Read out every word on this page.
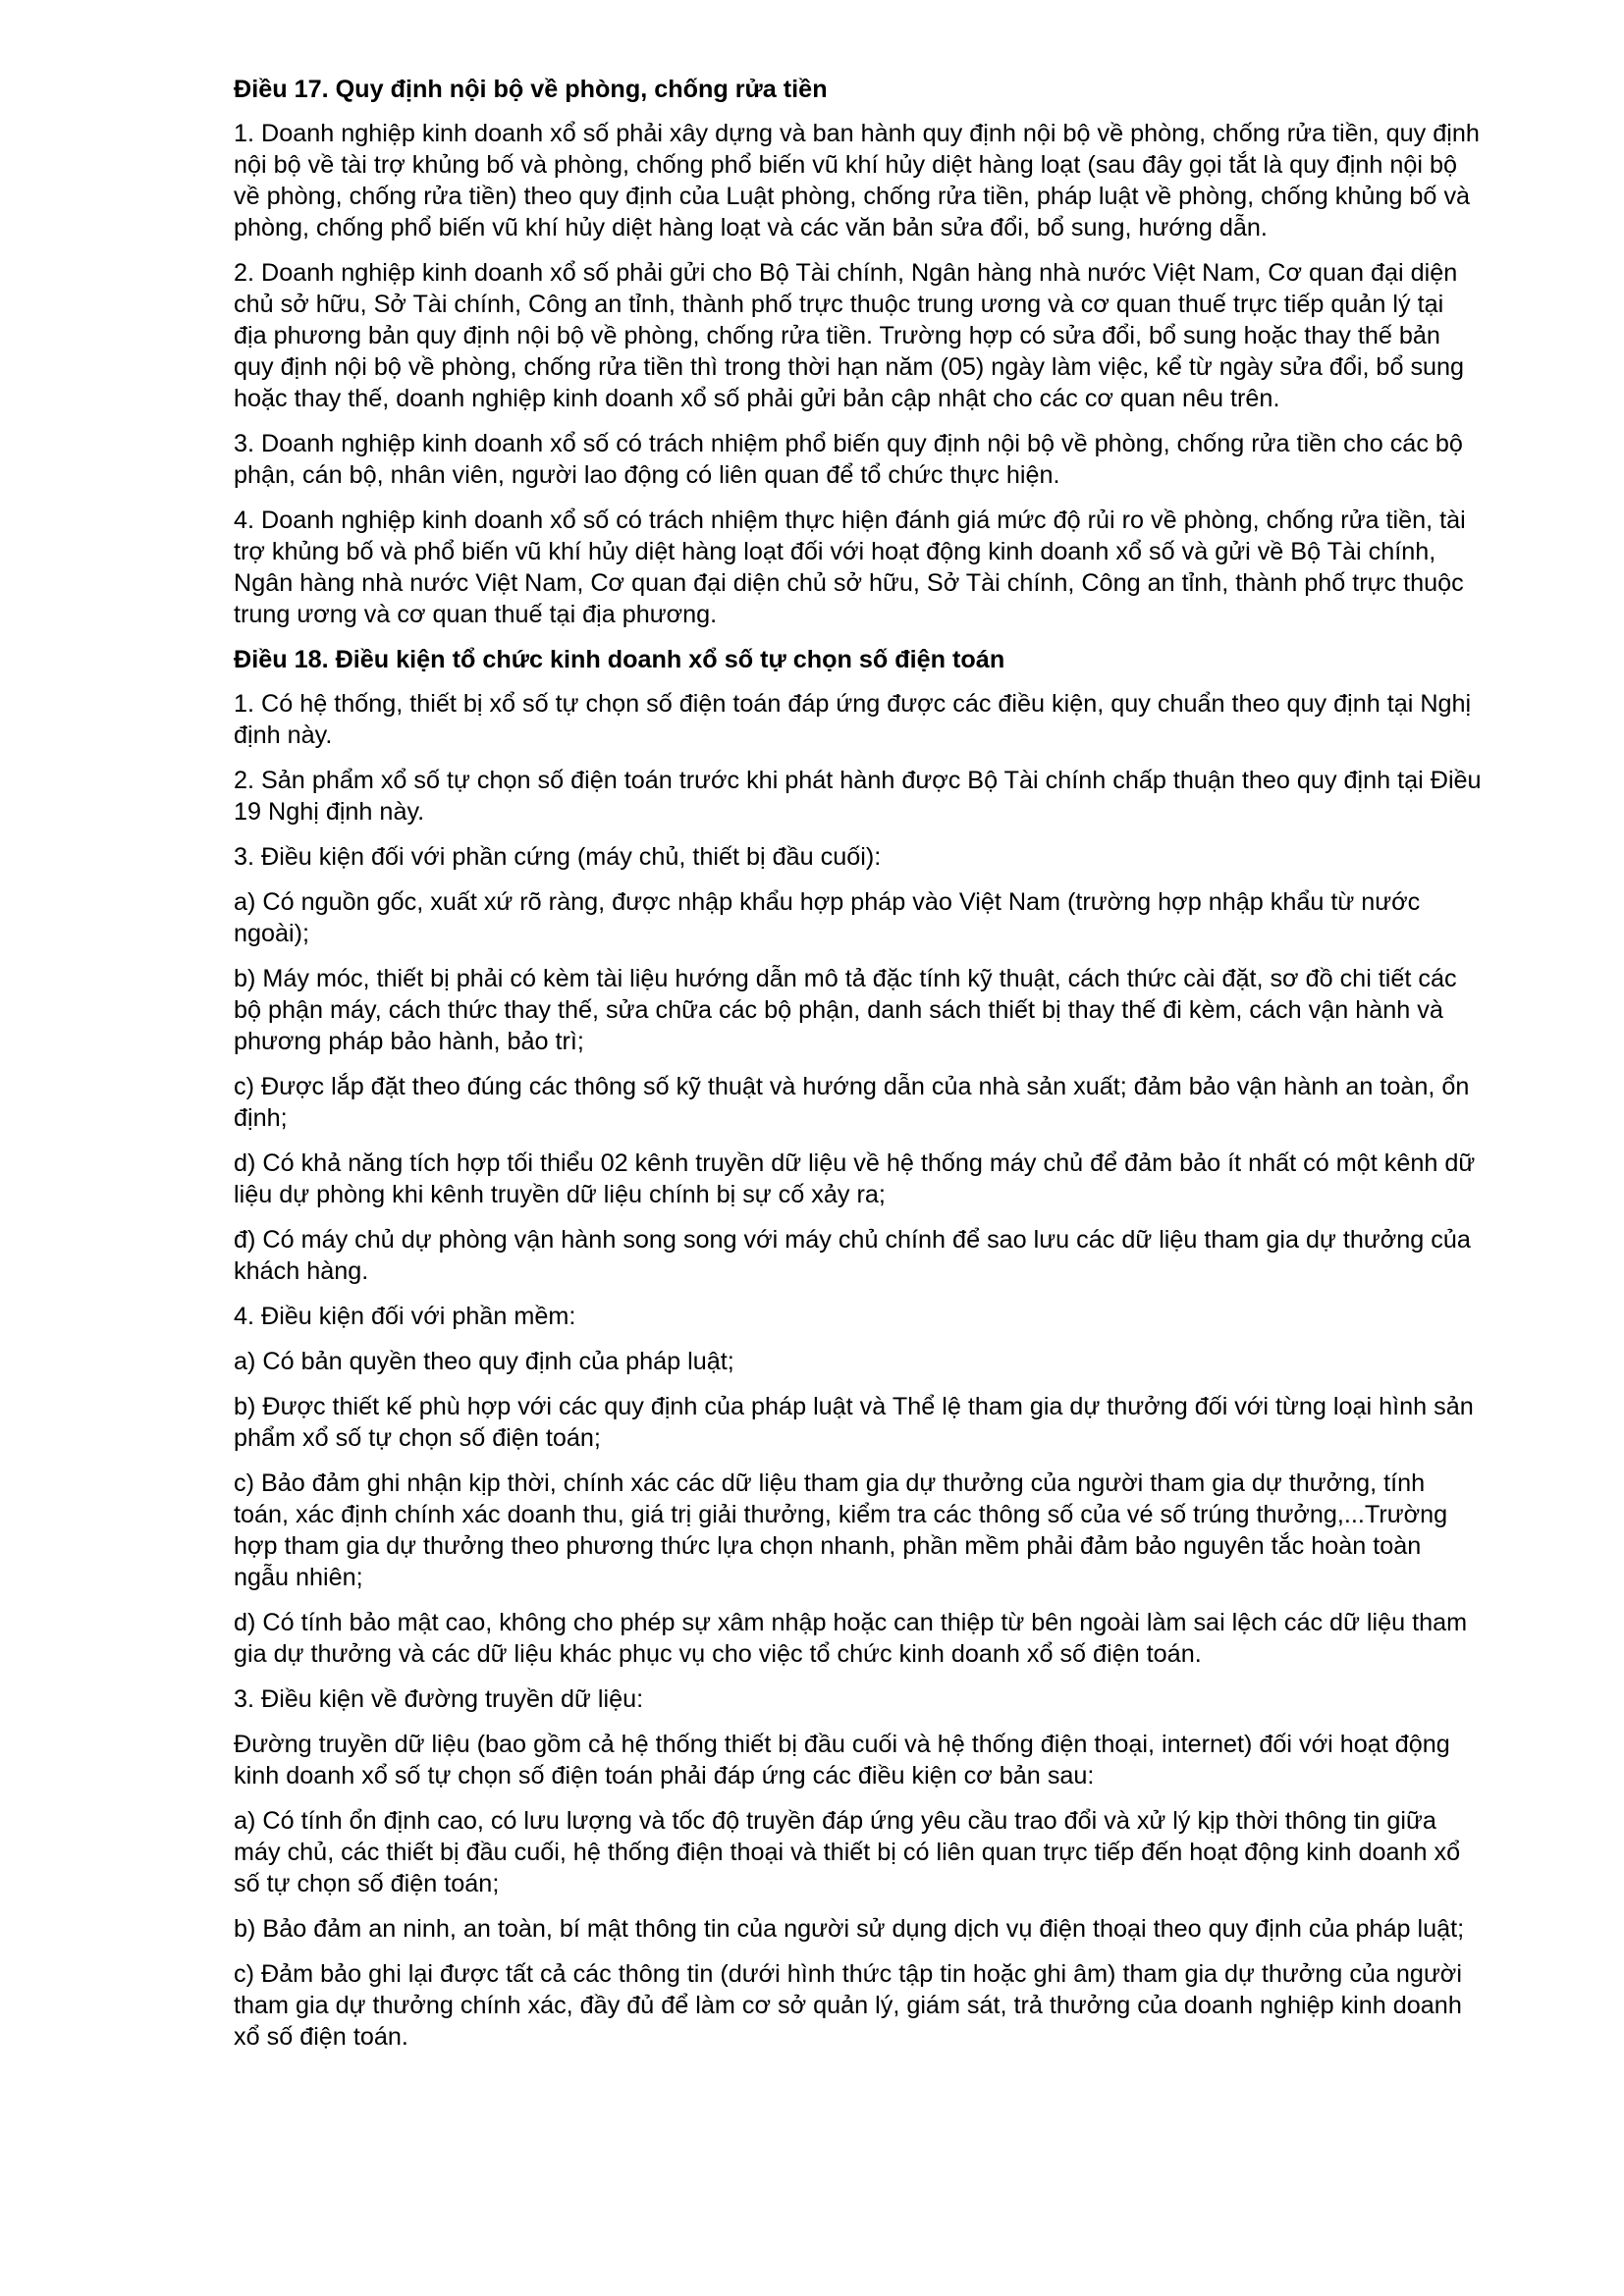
Điều 17. Quy định nội bộ về phòng, chống rửa tiền

1. Doanh nghiệp kinh doanh xổ số phải xây dựng và ban hành quy định nội bộ về phòng, chống rửa tiền, quy định nội bộ về tài trợ khủng bố và phòng, chống phổ biến vũ khí hủy diệt hàng loạt (sau đây gọi tắt là quy định nội bộ về phòng, chống rửa tiền) theo quy định của Luật phòng, chống rửa tiền, pháp luật về phòng, chống khủng bố và phòng, chống phổ biến vũ khí hủy diệt hàng loạt và các văn bản sửa đổi, bổ sung, hướng dẫn.

2. Doanh nghiệp kinh doanh xổ số phải gửi cho Bộ Tài chính, Ngân hàng nhà nước Việt Nam, Cơ quan đại diện chủ sở hữu, Sở Tài chính, Công an tỉnh, thành phố trực thuộc trung ương và cơ quan thuế trực tiếp quản lý tại địa phương bản quy định nội bộ về phòng, chống rửa tiền. Trường hợp có sửa đổi, bổ sung hoặc thay thế bản quy định nội bộ về phòng, chống rửa tiền thì trong thời hạn năm (05) ngày làm việc, kể từ ngày sửa đổi, bổ sung hoặc thay thế, doanh nghiệp kinh doanh xổ số phải gửi bản cập nhật cho các cơ quan nêu trên.

3. Doanh nghiệp kinh doanh xổ số có trách nhiệm phổ biến quy định nội bộ về phòng, chống rửa tiền cho các bộ phận, cán bộ, nhân viên, người lao động có liên quan để tổ chức thực hiện.

4. Doanh nghiệp kinh doanh xổ số có trách nhiệm thực hiện đánh giá mức độ rủi ro về phòng, chống rửa tiền, tài trợ khủng bố và phổ biến vũ khí hủy diệt hàng loạt đối với hoạt động kinh doanh xổ số và gửi về Bộ Tài chính, Ngân hàng nhà nước Việt Nam, Cơ quan đại diện chủ sở hữu, Sở Tài chính, Công an tỉnh, thành phố trực thuộc trung ương và cơ quan thuế tại địa phương.

Điều 18. Điều kiện tổ chức kinh doanh xổ số tự chọn số điện toán

1. Có hệ thống, thiết bị xổ số tự chọn số điện toán đáp ứng được các điều kiện, quy chuẩn theo quy định tại Nghị định này.

2. Sản phẩm xổ số tự chọn số điện toán trước khi phát hành được Bộ Tài chính chấp thuận theo quy định tại Điều 19 Nghị định này.

3. Điều kiện đối với phần cứng (máy chủ, thiết bị đầu cuối):

a) Có nguồn gốc, xuất xứ rõ ràng, được nhập khẩu hợp pháp vào Việt Nam (trường hợp nhập khẩu từ nước ngoài);

b) Máy móc, thiết bị phải có kèm tài liệu hướng dẫn mô tả đặc tính kỹ thuật, cách thức cài đặt, sơ đồ chi tiết các bộ phận máy, cách thức thay thế, sửa chữa các bộ phận, danh sách thiết bị thay thế đi kèm, cách vận hành và phương pháp bảo hành, bảo trì;

c) Được lắp đặt theo đúng các thông số kỹ thuật và hướng dẫn của nhà sản xuất; đảm bảo vận hành an toàn, ổn định;

d) Có khả năng tích hợp tối thiểu 02 kênh truyền dữ liệu về hệ thống máy chủ để đảm bảo ít nhất có một kênh dữ liệu dự phòng khi kênh truyền dữ liệu chính bị sự cố xảy ra;

đ) Có máy chủ dự phòng vận hành song song với máy chủ chính để sao lưu các dữ liệu tham gia dự thưởng của khách hàng.

4. Điều kiện đối với phần mềm:

a) Có bản quyền theo quy định của pháp luật;

b) Được thiết kế phù hợp với các quy định của pháp luật và Thể lệ tham gia dự thưởng đối với từng loại hình sản phẩm xổ số tự chọn số điện toán;

c) Bảo đảm ghi nhận kịp thời, chính xác các dữ liệu tham gia dự thưởng của người tham gia dự thưởng, tính toán, xác định chính xác doanh thu, giá trị giải thưởng, kiểm tra các thông số của vé số trúng thưởng,...Trường hợp tham gia dự thưởng theo phương thức lựa chọn nhanh, phần mềm phải đảm bảo nguyên tắc hoàn toàn ngẫu nhiên;

d) Có tính bảo mật cao, không cho phép sự xâm nhập hoặc can thiệp từ bên ngoài làm sai lệch các dữ liệu tham gia dự thưởng và các dữ liệu khác phục vụ cho việc tổ chức kinh doanh xổ số điện toán.

3. Điều kiện về đường truyền dữ liệu:

Đường truyền dữ liệu (bao gồm cả hệ thống thiết bị đầu cuối và hệ thống điện thoại, internet) đối với hoạt động kinh doanh xổ số tự chọn số điện toán phải đáp ứng các điều kiện cơ bản sau:

a) Có tính ổn định cao, có lưu lượng và tốc độ truyền đáp ứng yêu cầu trao đổi và xử lý kịp thời thông tin giữa máy chủ, các thiết bị đầu cuối, hệ thống điện thoại và thiết bị có liên quan trực tiếp đến hoạt động kinh doanh xổ số tự chọn số điện toán;

b) Bảo đảm an ninh, an toàn, bí mật thông tin của người sử dụng dịch vụ điện thoại theo quy định của pháp luật;

c) Đảm bảo ghi lại được tất cả các thông tin (dưới hình thức tập tin hoặc ghi âm) tham gia dự thưởng của người tham gia dự thưởng chính xác, đầy đủ để làm cơ sở quản lý, giám sát, trả thưởng của doanh nghiệp kinh doanh xổ số điện toán.
